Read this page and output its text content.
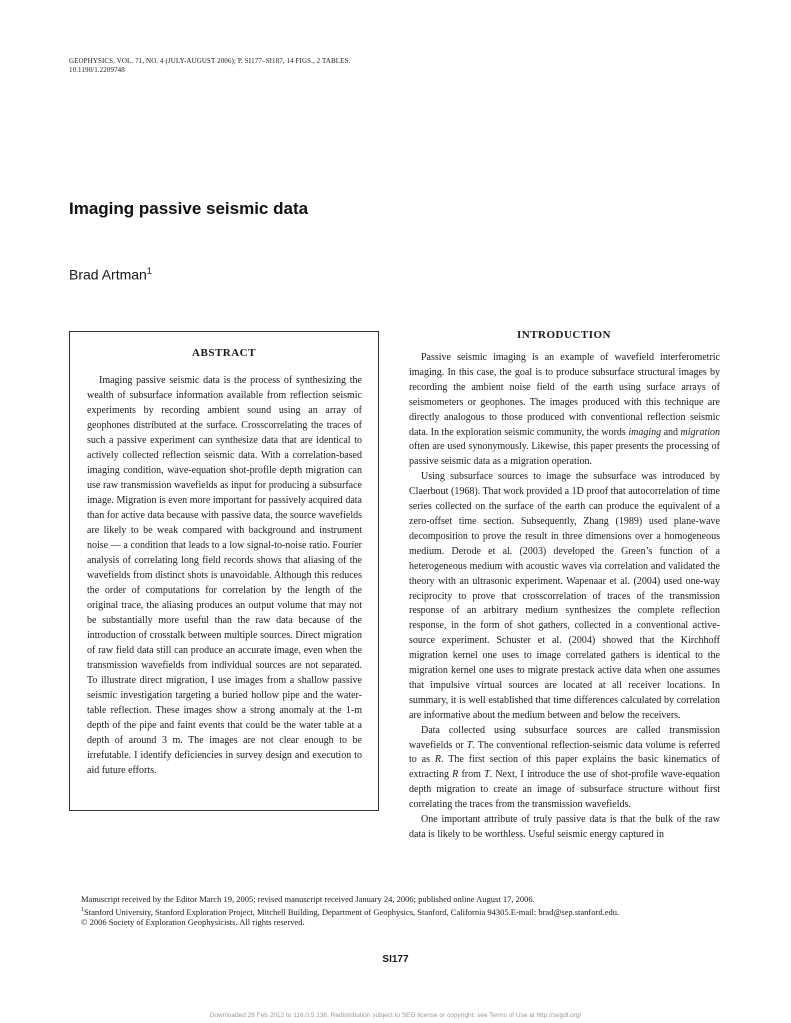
GEOPHYSICS, VOL. 71, NO. 4 (JULY-AUGUST 2006); P. SI177–SI187, 14 FIGS., 2 TABLES.
10.1190/1.2209748
Imaging passive seismic data
Brad Artman$^1$
ABSTRACT

Imaging passive seismic data is the process of synthesizing the wealth of subsurface information available from reflection seismic experiments by recording ambient sound using an array of geophones distributed at the surface. Crosscorrelating the traces of such a passive experiment can synthesize data that are identical to actively collected reflection seismic data. With a correlation-based imaging condition, wave-equation shot-profile depth migration can use raw transmission wavefields as input for producing a subsurface image. Migration is even more important for passively acquired data than for active data because with passive data, the source wavefields are likely to be weak compared with background and instrument noise — a condition that leads to a low signal-to-noise ratio. Fourier analysis of correlating long field records shows that aliasing of the wavefields from distinct shots is unavoidable. Although this reduces the order of computations for correlation by the length of the original trace, the aliasing produces an output volume that may not be substantially more useful than the raw data because of the introduction of crosstalk between multiple sources. Direct migration of raw field data still can produce an accurate image, even when the transmission wavefields from individual sources are not separated. To illustrate direct migration, I use images from a shallow passive seismic investigation targeting a buried hollow pipe and the water-table reflection. These images show a strong anomaly at the 1-m depth of the pipe and faint events that could be the water table at a depth of around 3 m. The images are not clear enough to be irrefutable. I identify deficiencies in survey design and execution to aid future efforts.

INTRODUCTION

Passive seismic imaging is an example of wavefield interferometric imaging. In this case, the goal is to produce subsurface structural images by recording the ambient noise field of the earth using surface arrays of seismometers or geophones. The images produced with this technique are directly analogous to those produced with conventional reflection seismic data. In the exploration seismic community, the words imaging and migration often are used synonymously. Likewise, this paper presents the processing of passive seismic data as a migration operation.

Using subsurface sources to image the subsurface was introduced by Claerbout (1968). That work provided a 1D proof that autocorrelation of time series collected on the surface of the earth can produce the equivalent of a zero-offset time section. Subsequently, Zhang (1989) used plane-wave decomposition to prove the result in three dimensions over a homogeneous medium. Derode et al. (2003) developed the Green’s function of a heterogeneous medium with acoustic waves via correlation and validated the theory with an ultrasonic experiment. Wapenaar et al. (2004) used one-way reciprocity to prove that crosscorrelation of traces of the transmission response of an arbitrary medium synthesizes the complete reflection response, in the form of shot gathers, collected in a conventional active-source experiment. Schuster et al. (2004) showed that the Kirchhoff migration kernel one uses to image correlated gathers is identical to the migration kernel one uses to migrate prestack active data when one assumes that impulsive virtual sources are located at all receiver locations. In summary, it is well established that time differences calculated by correlation are informative about the medium between and below the receivers.

Data collected using subsurface sources are called transmission wavefields or T. The conventional reflection-seismic data volume is referred to as R. The first section of this paper explains the basic kinematics of extracting R from T. Next, I introduce the use of shot-profile wave-equation depth migration to create an image of subsurface structure without first correlating the traces from the transmission wavefields.

One important attribute of truly passive data is that the bulk of the raw data is likely to be worthless. Useful seismic energy captured in

Manuscript received by the Editor March 19, 2005; revised manuscript received January 24, 2006; published online August 17, 2006.

$^1$Stanford University, Stanford Exploration Project, Mitchell Building, Department of Geophysics, Stanford, California 94305.E-mail: brad@sep.stanford.edu.

© 2006 Society of Exploration Geophysicists. All rights reserved.

SI177
Downloaded 28 Feb 2012 to 116.0.5.136. Redistribution subject to SEG license or copyright; see Terms of Use at http://segdl.org/
